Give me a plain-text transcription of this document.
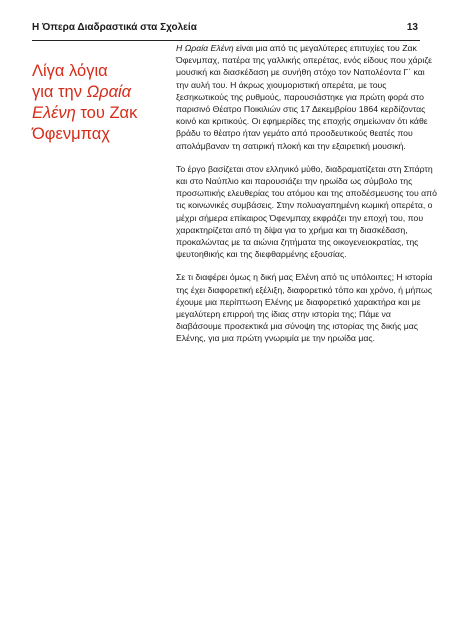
Η Όπερα Διαδραστικά στα Σχολεία	13
Λίγα λόγια
για την Ωραία
Ελένη του Ζακ
Όφενμπαχ

Η Ωραία Ελένη είναι μια από τις μεγαλύτερες επιτυχίες του Ζακ Όφενμπαχ, πατέρα της γαλλικής οπερέτας, ενός είδους που χάριζε μουσική και διασκέδαση με συνήθη στόχο τον Ναπολέοντα Γ΄ και την αυλή του. Η άκρως χιουμοριστική οπερέτα, με τους ξεσηκωτικούς της ρυθμούς, παρουσιάστηκε για πρώτη φορά στο παρισινό Θέατρο Ποικιλιών στις 17 Δεκεμβρίου 1864 κερδίζοντας κοινό και κριτικούς. Οι εφημερίδες της εποχής σημείωναν ότι κάθε βράδυ το θέατρο ήταν γεμάτο από προοδευτικούς θεατές που απολάμβαναν τη σατιρική πλοκή και την εξαιρετική μουσική.

Το έργο βασίζεται στον ελληνικό μύθο, διαδραματίζεται στη Σπάρτη και στο Ναύπλιο και παρουσιάζει την ηρωίδα ως σύμβολο της προσωπικής ελευθερίας του ατόμου και της αποδέσμευσης του από τις κοινωνικές συμβάσεις. Στην πολυαγαπημένη κωμική οπερέτα, ο μέχρι σήμερα επίκαιρος Όφενμπαχ εκφράζει την εποχή του, που χαρακτηρίζεται από τη δίψα για το χρήμα και τη διασκέδαση, προκαλώντας με τα αιώνια ζητήματα της οικογενειοκρατίας, της ψευτοηθικής και της διεφθαρμένης εξουσίας.

Σε τι διαφέρει όμως η δική μας Ελένη από τις υπόλοιπες; Η ιστορία της έχει διαφορετική εξέλιξη, διαφορετικό τόπο και χρόνο, ή μήπως έχουμε μια περίπτωση Ελένης με διαφορετικό χαρακτήρα και με μεγαλύτερη επιρροή της ίδιας στην ιστορία της; Πάμε να διαβάσουμε προσεκτικά μια σύνοψη της ιστορίας της δικής μας Ελένης, για μια πρώτη γνωριμία με την ηρωίδα μας.
